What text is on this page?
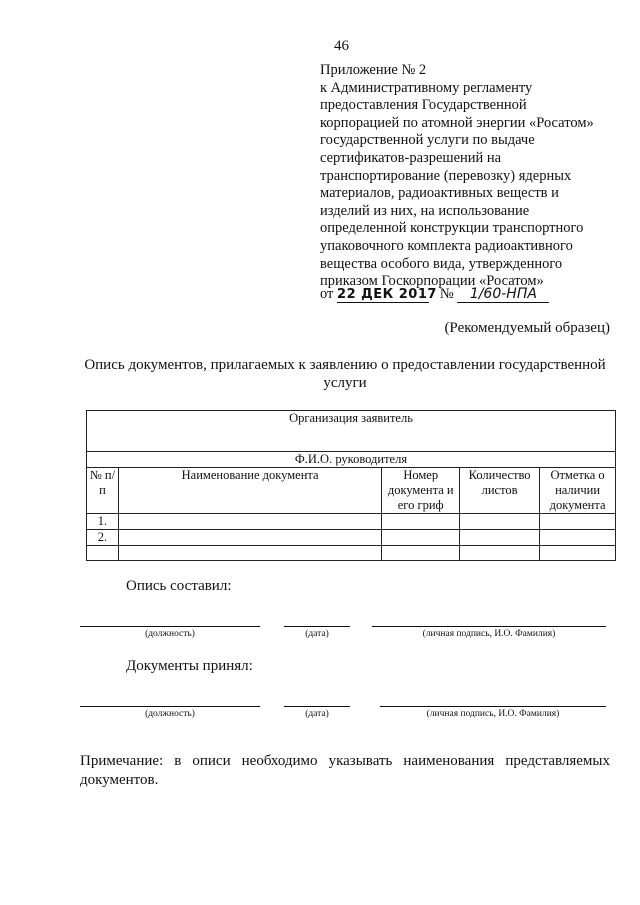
46
Приложение № 2
к Административному регламенту
предоставления Государственной
корпорацией по атомной энергии «Росатом»
государственной услуги по выдаче
сертификатов-разрешений на
транспортирование (перевозку) ядерных
материалов, радиоактивных веществ и
изделий из них, на использование
определенной конструкции транспортного
упаковочного комплекта радиоактивного
вещества особого вида, утвержденного
приказом Госкорпорации «Росатом»
от 22 ДЕК 2017 № 1/60-НПА
(Рекомендуемый образец)
Опись документов, прилагаемых к заявлению о предоставлении государственной услуги
Организация заявитель				
Ф.И.О. руководителя				
№ п/п	Наименование документа	Номер документа и его гриф	Количество листов	Отметка о наличии документа
1.				
2.				

Опись составил:
(должность)	(дата)	(личная подпись, И.О. Фамилия)
Документы принял:
(должность)	(дата)	(личная подпись, И.О. Фамилия)
Примечание: в описи необходимо указывать наименования представляемых документов.
